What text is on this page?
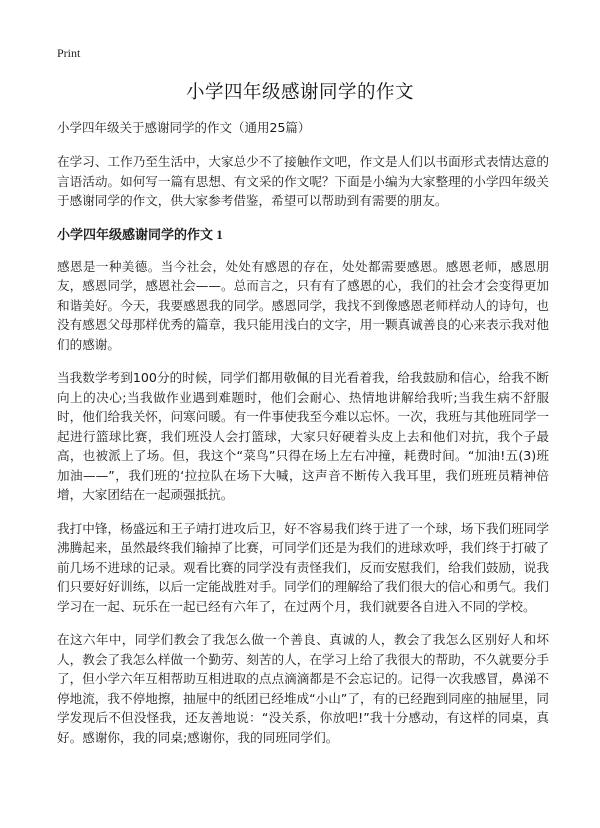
Print
小学四年级感谢同学的作文

小学四年级关于感谢同学的作文（通用25篇）

在学习、工作乃至生活中，大家总少不了接触作文吧，作文是人们以书面形式表情达意的言语活动。如何写一篇有思想、有文采的作文呢？下面是小编为大家整理的小学四年级关于感谢同学的作文，供大家参考借鉴，希望可以帮助到有需要的朋友。

小学四年级感谢同学的作文 1

感恩是一种美德。当今社会，处处有感恩的存在，处处都需要感恩。感恩老师，感恩朋友，感恩同学，感恩社会——。总而言之，只有有了感恩的心，我们的社会才会变得更加和谐美好。今天，我要感恩我的同学。感恩同学，我找不到像感恩老师样动人的诗句，也没有感恩父母那样优秀的篇章，我只能用浅白的文字，用一颗真诚善良的心来表示我对他们的感谢。

当我数学考到100分的时候，同学们都用敬佩的目光看着我，给我鼓励和信心，给我不断向上的决心;当我做作业遇到难题时，他们会耐心、热情地讲解给我听;当我生病不舒服时，他们给我关怀，问寒问暖。有一件事使我至今难以忘怀。一次，我班与其他班同学一起进行篮球比赛，我们班没人会打篮球，大家只好硬着头皮上去和他们对抗，我个子最高，也被派上了场。但，我这个“菜鸟”只得在场上左右冲撞，耗费时间。“加油!五(3)班加油——”，我们班的‘拉拉队在场下大喊，这声音不断传入我耳里，我们班班员精神倍增，大家团结在一起顽强抵抗。

我打中锋，杨盛远和王子靖打进攻后卫，好不容易我们终于进了一个球，场下我们班同学沸腾起来，虽然最终我们输掉了比赛，可同学们还是为我们的进球欢呼，我们终于打破了前几场不进球的记录。观看比赛的同学没有责怪我们，反而安慰我们，给我们鼓励，说我们只要好好训练，以后一定能战胜对手。同学们的理解给了我们很大的信心和勇气。我们学习在一起、玩乐在一起已经有六年了，在过两个月，我们就要各自进入不同的学校。

在这六年中，同学们教会了我怎么做一个善良、真诚的人，教会了我怎么区别好人和坏人，教会了我怎么样做一个勤劳、刻苦的人，在学习上给了我很大的帮助，不久就要分手了，但小学六年互相帮助互相进取的点点滴滴都是不会忘记的。记得一次我感冒，鼻涕不停地流，我不停地擦，抽屉中的纸团已经堆成“小山”了，有的已经跑到同座的抽屉里，同学发现后不但没怪我，还友善地说：“没关系，你放吧!”我十分感动，有这样的同桌，真好。感谢你，我的同桌;感谢你，我的同班同学们。
